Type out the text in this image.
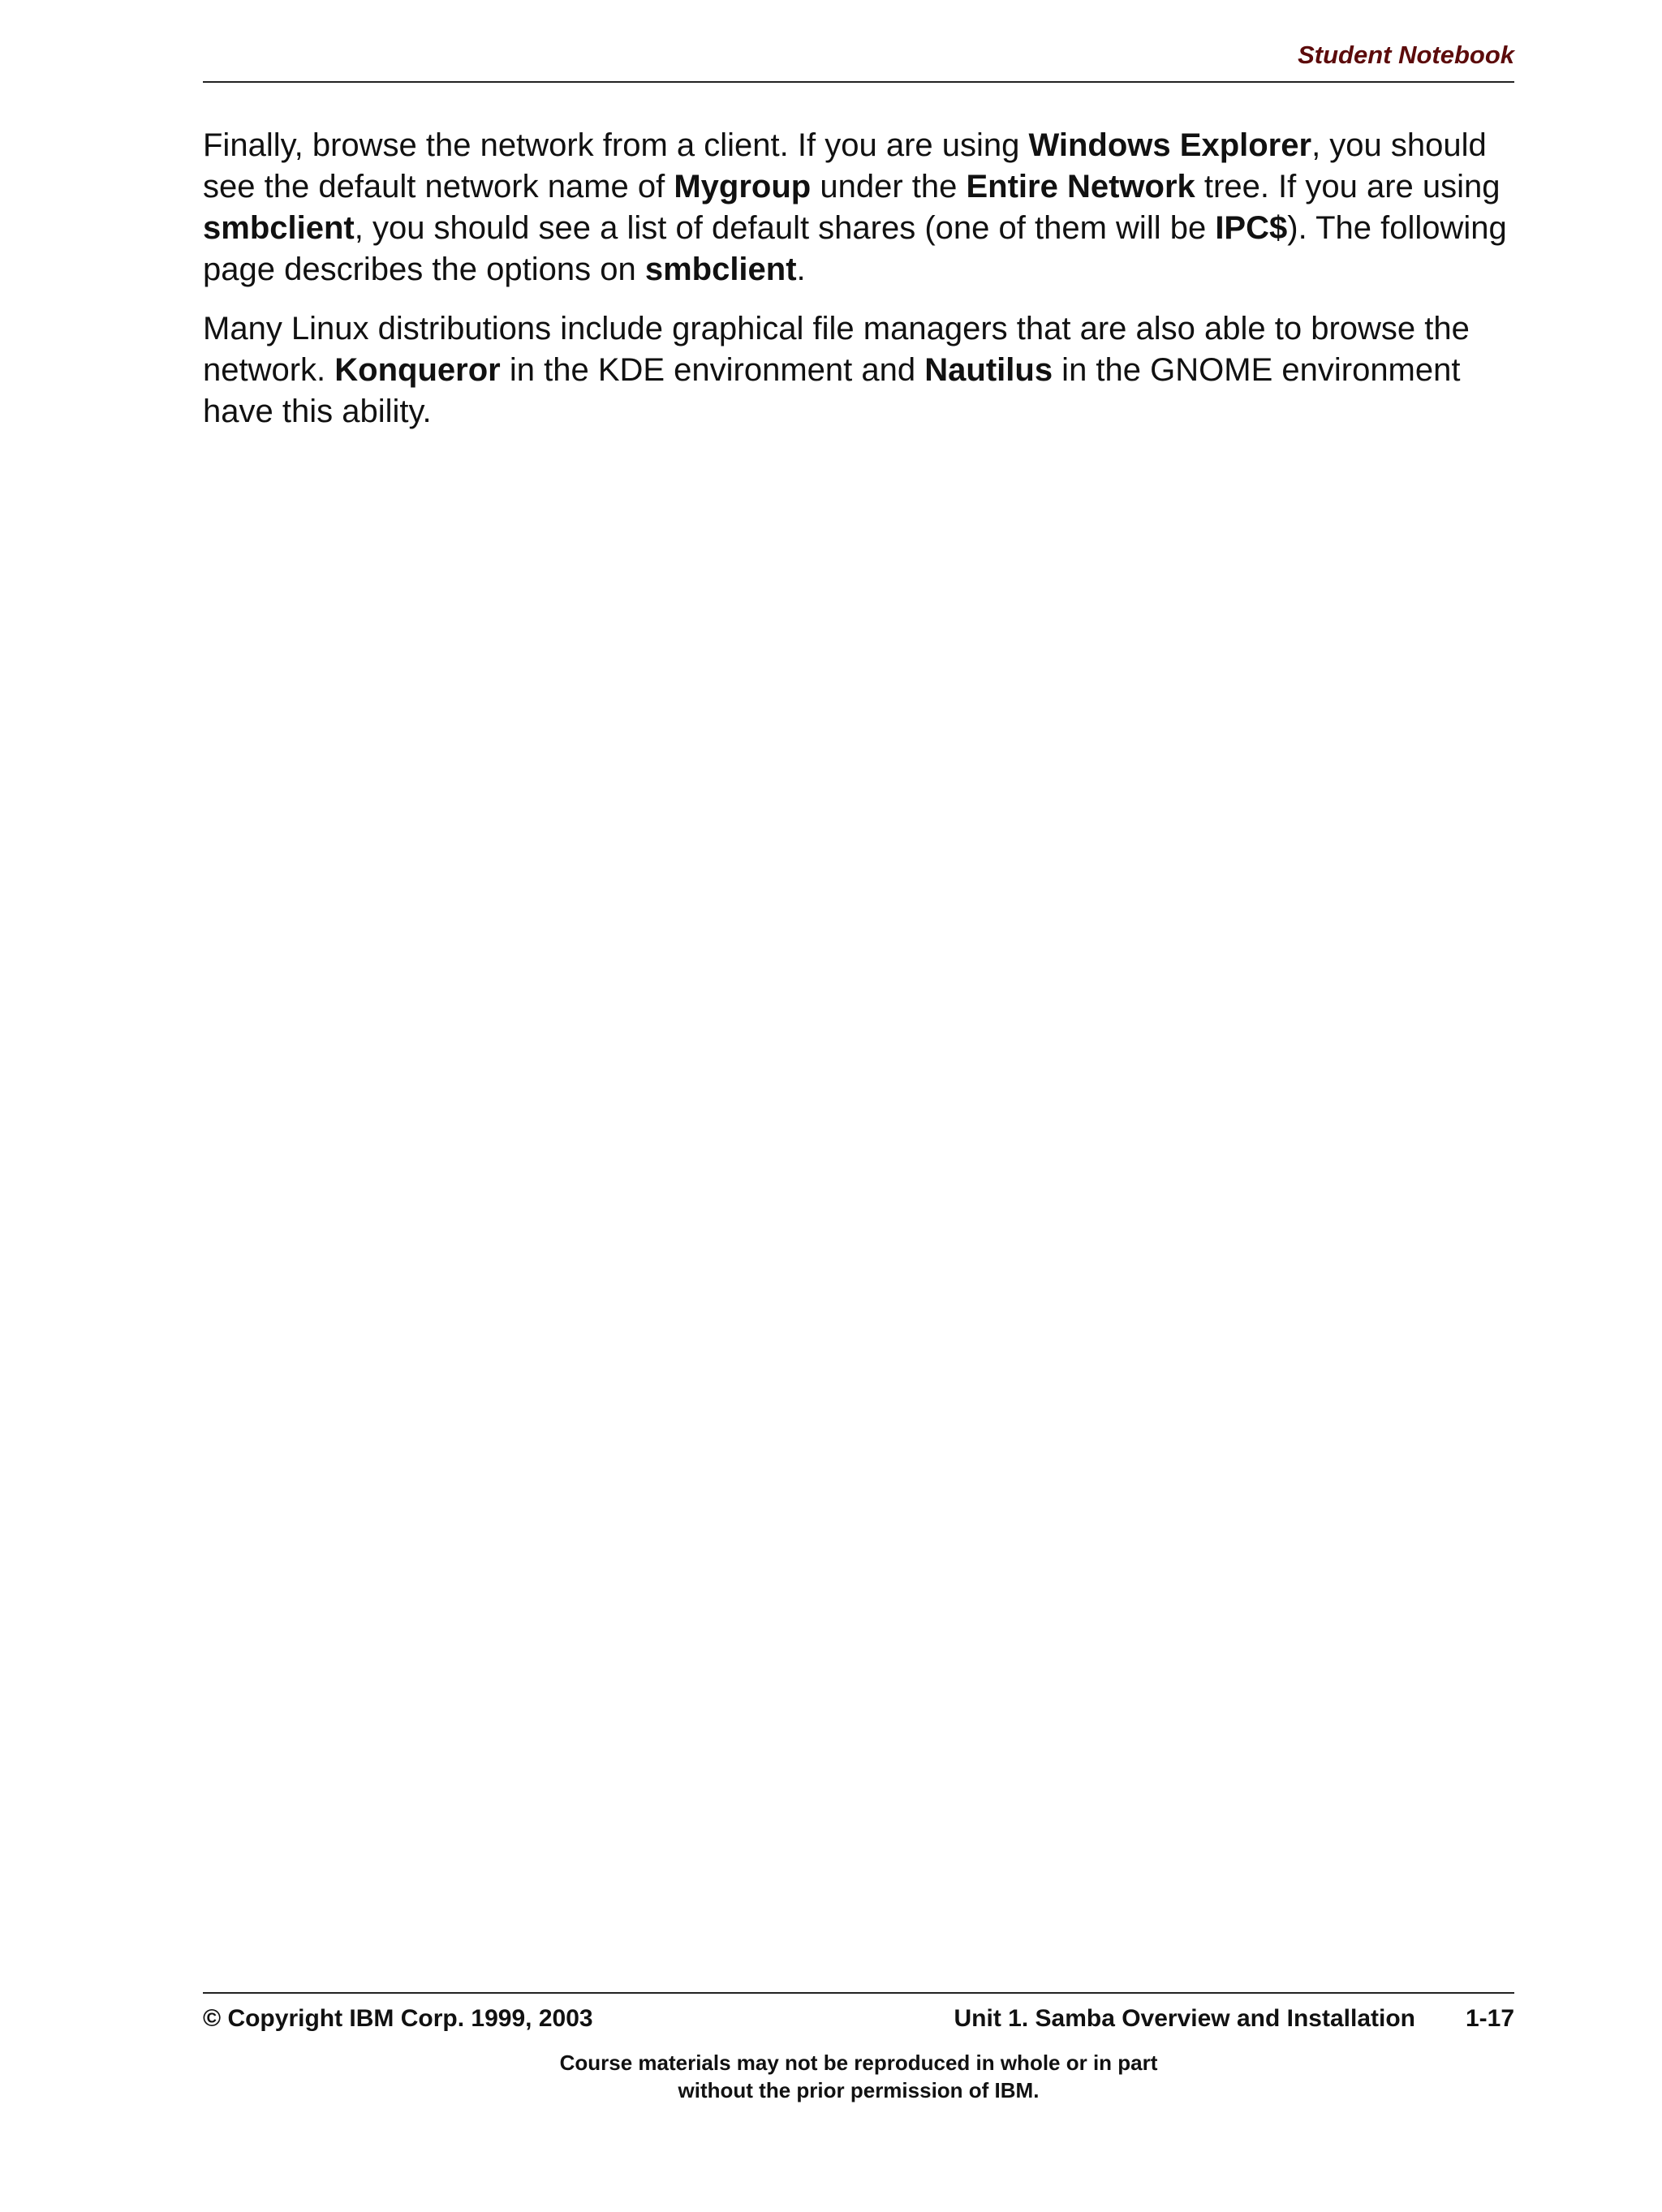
Student Notebook

Finally, browse the network from a client. If you are using Windows Explorer, you should see the default network name of Mygroup under the Entire Network tree. If you are using smbclient, you should see a list of default shares (one of them will be IPC$). The following page describes the options on smbclient.

Many Linux distributions include graphical file managers that are also able to browse the network. Konqueror in the KDE environment and Nautilus in the GNOME environment have this ability.

© Copyright IBM Corp. 1999, 2003	Unit 1. Samba Overview and Installation 1-17
Course materials may not be reproduced in whole or in part
without the prior permission of IBM.
